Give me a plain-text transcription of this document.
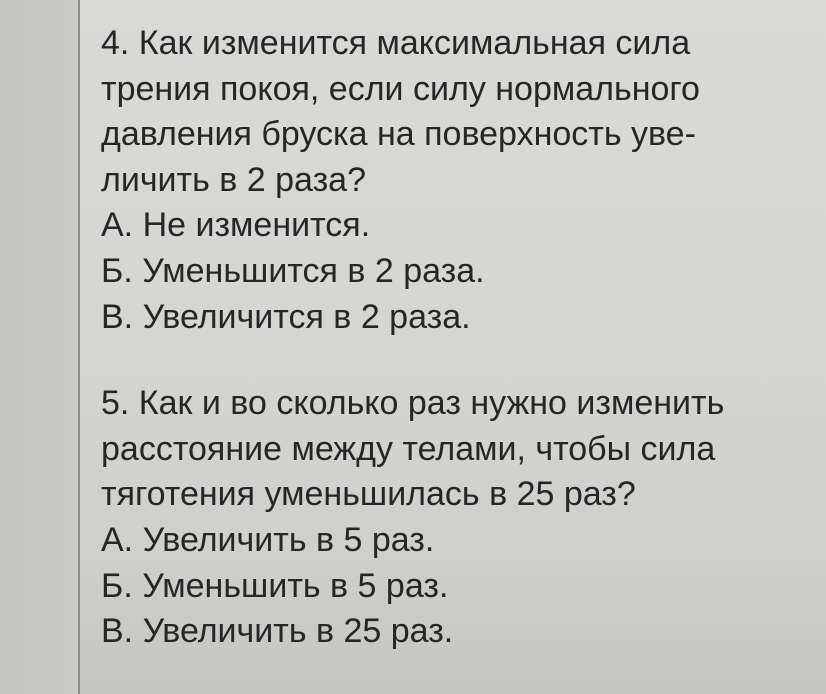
4. Как изменится максимальная сила
трения покоя, если силу нормального
давления бруска на поверхность уве-
личить в 2 раза?
А. Не изменится.
Б. Уменьшится в 2 раза.
В. Увеличится в 2 раза.
5. Как и во сколько раз нужно изменить
расстояние между телами, чтобы сила
тяготения уменьшилась в 25 раз?
А. Увеличить в 5 раз.
Б. Уменьшить в 5 раз.
В. Увеличить в 25 раз.
